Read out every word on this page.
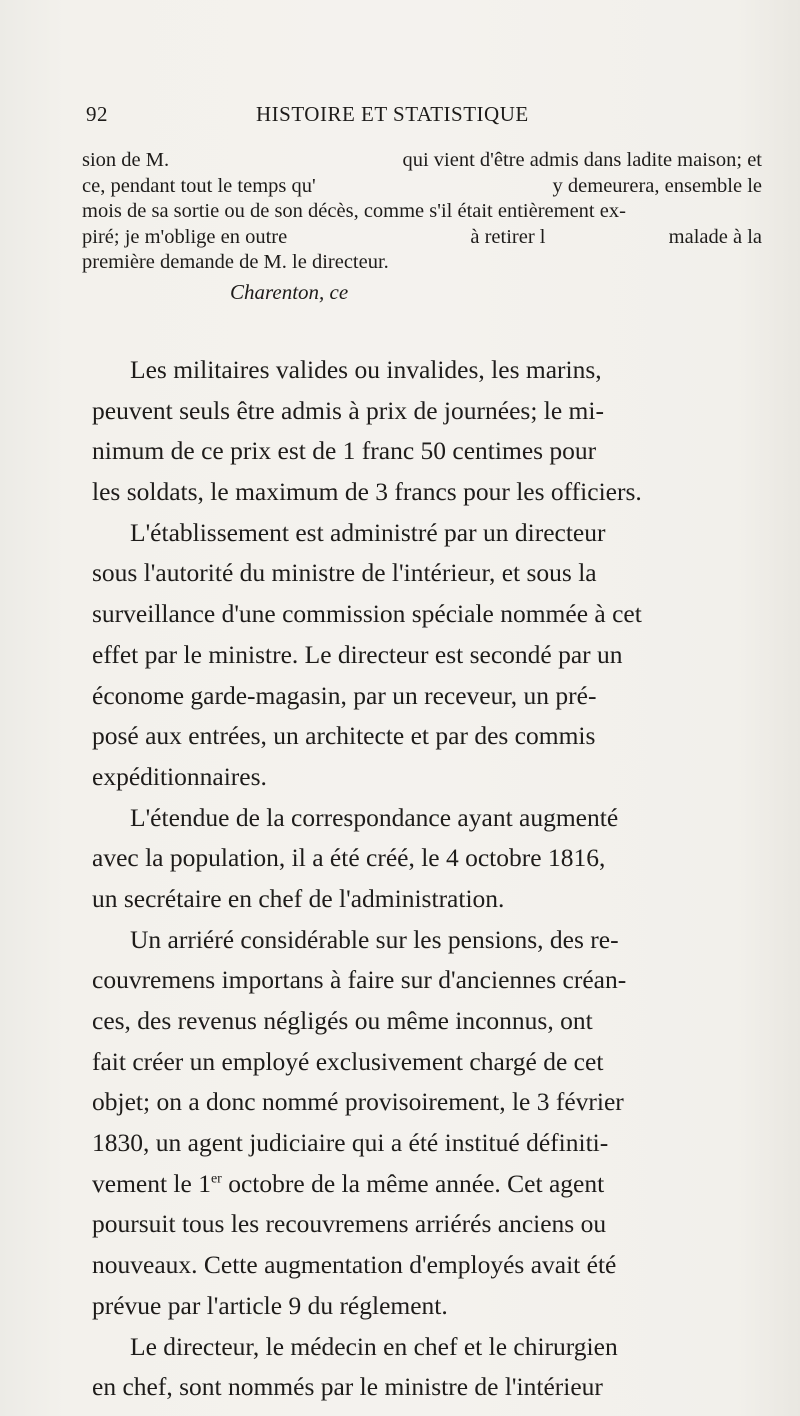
92	HISTOIRE ET STATISTIQUE
sion de M.	qui vient d'être admis dans ladite maison; et
ce, pendant tout le temps qu'	y demeurera, ensemble le
mois de sa sortie ou de son décès, comme s'il était entièrement ex-
piré; je m'oblige en outre	à retirer l	malade à la
première demande de M. le directeur.
Charenton, ce
Les militaires valides ou invalides, les marins,
peuvent seuls être admis à prix de journées; le mi-
nimum de ce prix est de 1 franc 50 centimes pour
les soldats, le maximum de 3 francs pour les officiers.
L'établissement est administré par un directeur
sous l'autorité du ministre de l'intérieur, et sous la
surveillance d'une commission spéciale nommée à cet
effet par le ministre. Le directeur est secondé par un
économe garde-magasin, par un receveur, un pré-
posé aux entrées, un architecte et par des commis
expéditionnaires.
L'étendue de la correspondance ayant augmenté
avec la population, il a été créé, le 4 octobre 1816,
un secrétaire en chef de l'administration.
Un arriéré considérable sur les pensions, des re-
couvremens importans à faire sur d'anciennes créan-
ces, des revenus négligés ou même inconnus, ont
fait créer un employé exclusivement chargé de cet
objet; on a donc nommé provisoirement, le 3 février
1830, un agent judiciaire qui a été institué définiti-
vement le 1er octobre de la même année. Cet agent
poursuit tous les recouvremens arriérés anciens ou
nouveaux. Cette augmentation d'employés avait été
prévue par l'article 9 du réglement.
Le directeur, le médecin en chef et le chirurgien
en chef, sont nommés par le ministre de l'intérieur
